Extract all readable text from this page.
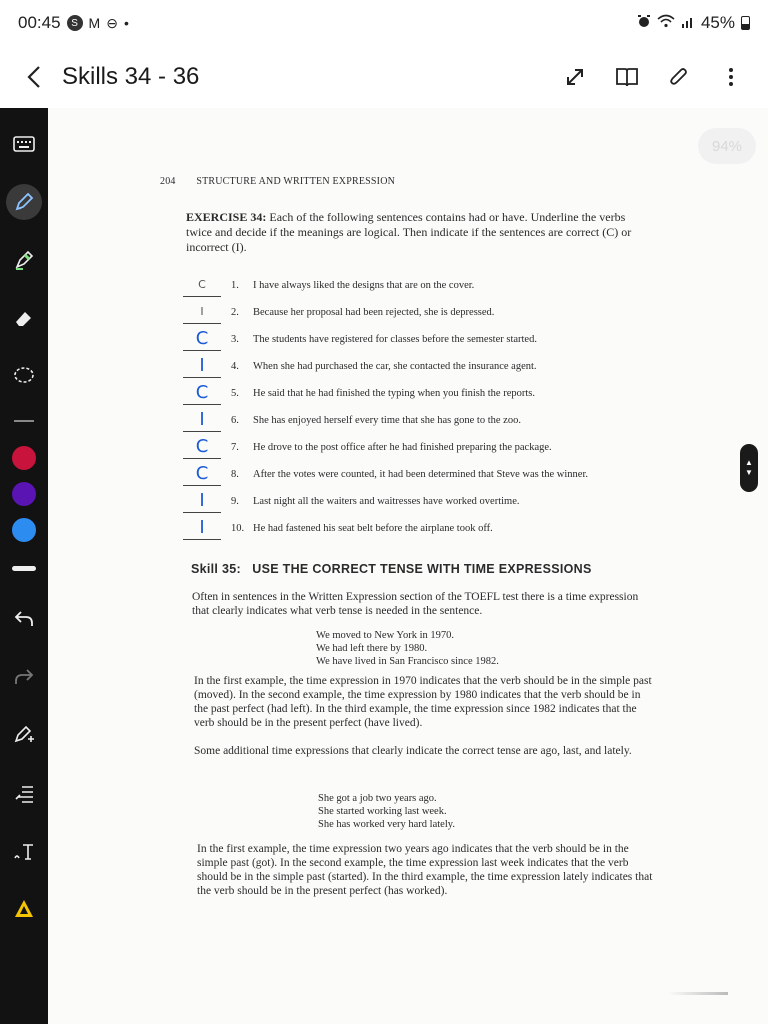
00:45	S M ⊖ •	45%
Skills 34 - 36
94%
▲
▼
204 STRUCTURE AND WRITTEN EXPRESSION
EXERCISE 34: Each of the following sentences contains had or have. Underline the verbs twice and decide if the meanings are logical. Then indicate if the sentences are correct (C) or incorrect (I).
C	1.	I have always liked the designs that are on the cover.
I	2.	Because her proposal had been rejected, she is depressed.
C	3.	The students have registered for classes before the semester started.
I	4.	When she had purchased the car, she contacted the insurance agent.
C	5.	He said that he had finished the typing when you finish the reports.
I	6.	She has enjoyed herself every time that she has gone to the zoo.
C	7.	He drove to the post office after he had finished preparing the package.
C	8.	After the votes were counted, it had been determined that Steve was the winner.
I	9.	Last night all the waiters and waitresses have worked overtime.
I	10. He had fastened his seat belt before the airplane took off.
Skill 35: USE THE CORRECT TENSE WITH TIME EXPRESSIONS
Often in sentences in the Written Expression section of the TOEFL test there is a time expression that clearly indicates what verb tense is needed in the sentence.
We moved to New York in 1970.
We had left there by 1980.
We have lived in San Francisco since 1982.
In the first example, the time expression in 1970 indicates that the verb should be in the simple past (moved). In the second example, the time expression by 1980 indicates that the verb should be in the past perfect (had left). In the third example, the time expression since 1982 indicates that the verb should be in the present perfect (have lived).
Some additional time expressions that clearly indicate the correct tense are ago, last, and lately.
She got a job two years ago.
She started working last week.
She has worked very hard lately.
In the first example, the time expression two years ago indicates that the verb should be in the simple past (got). In the second example, the time expression last week indicates that the verb should be in the simple past (started). In the third example, the time expression lately indicates that the verb should be in the present perfect (has worked).
